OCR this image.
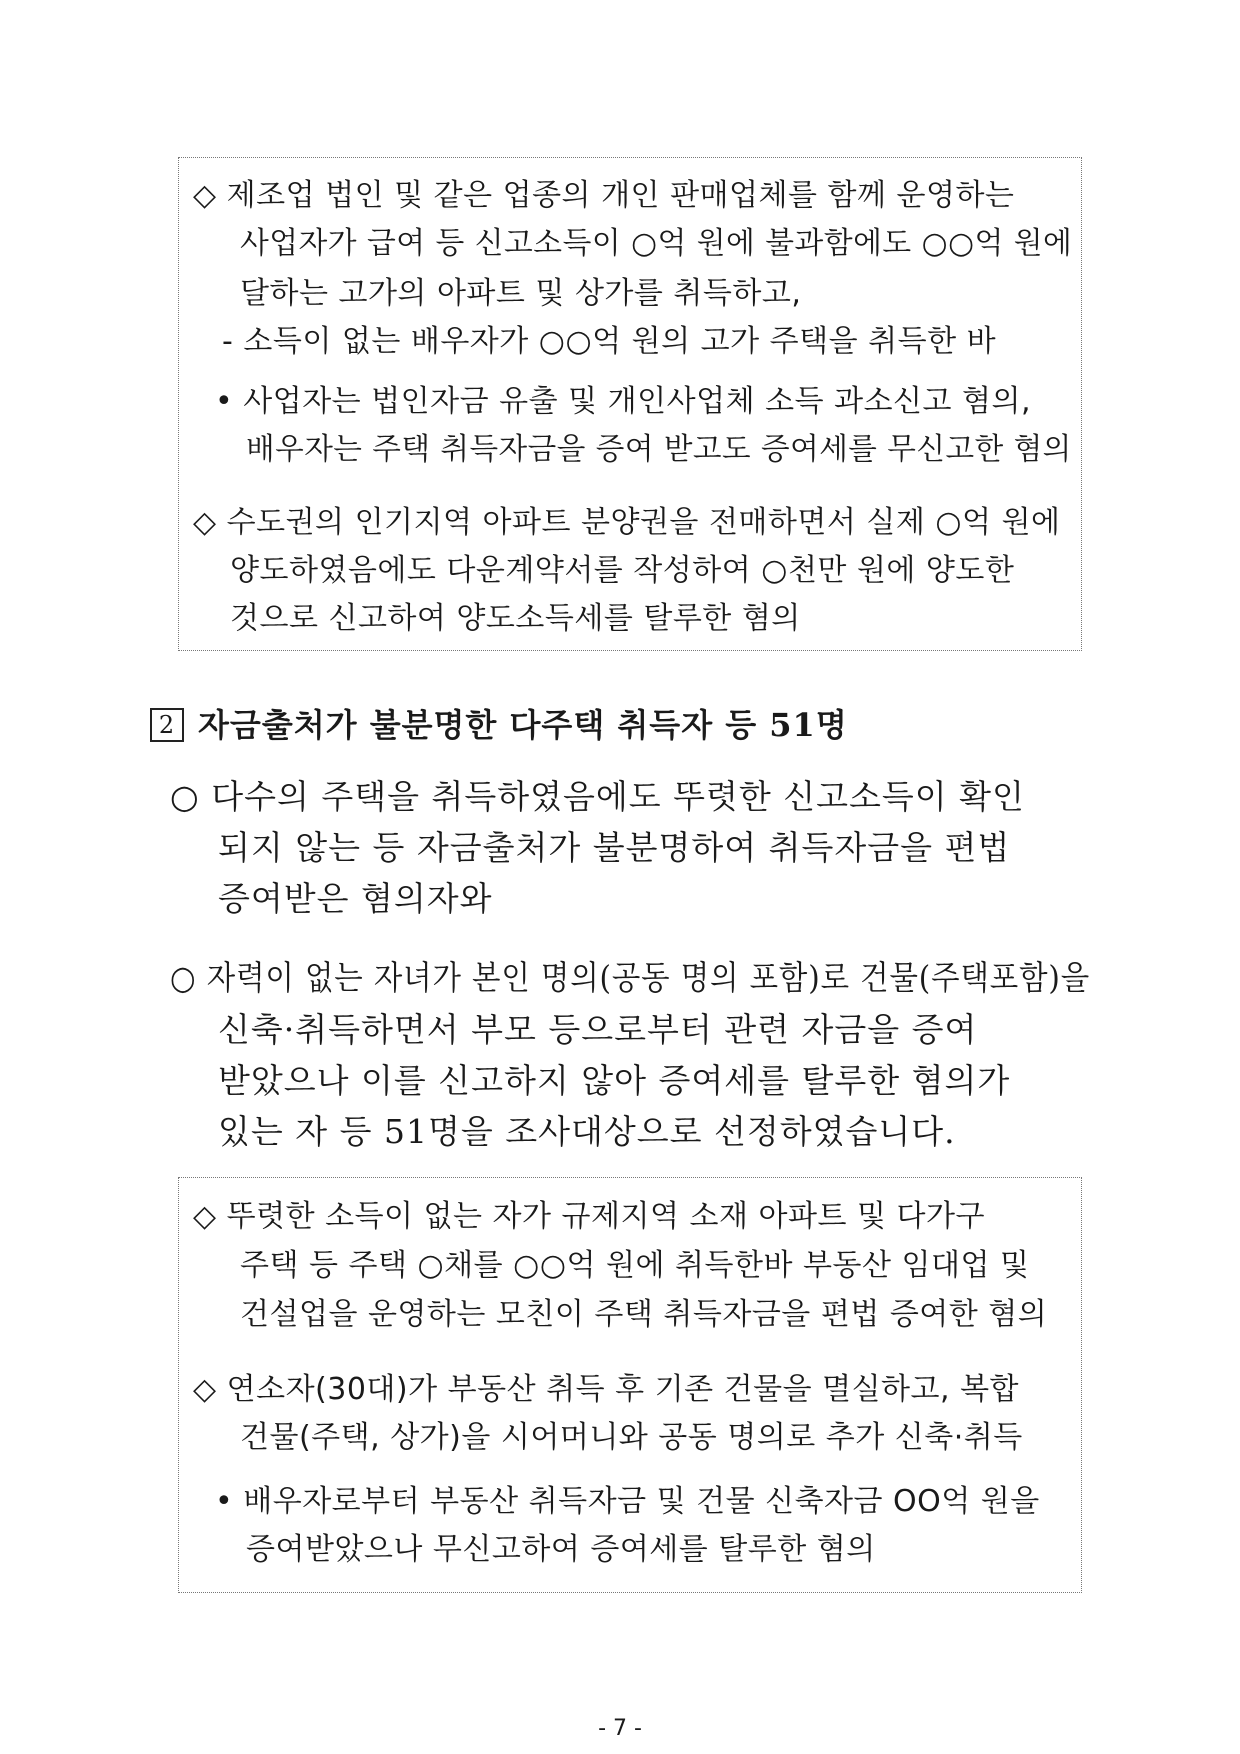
◇ 제조업 법인 및 같은 업종의 개인 판매업체를 함께 운영하는
사업자가 급여 등 신고소득이 ○억 원에 불과함에도 ○○억 원에
달하는 고가의 아파트 및 상가를 취득하고,
- 소득이 없는 배우자가 ○○억 원의 고가 주택을 취득한 바
• 사업자는 법인자금 유출 및 개인사업체 소득 과소신고 혐의,
배우자는 주택 취득자금을 증여 받고도 증여세를 무신고한 혐의
◇ 수도권의 인기지역 아파트 분양권을 전매하면서 실제 ○억 원에
양도하였음에도 다운계약서를 작성하여 ○천만 원에 양도한
것으로 신고하여 양도소득세를 탈루한 혐의
2 자금출처가 불분명한 다주택 취득자 등 51명
○ 다수의 주택을 취득하였음에도 뚜렷한 신고소득이 확인
되지 않는 등 자금출처가 불분명하여 취득자금을 편법
증여받은 혐의자와
○ 자력이 없는 자녀가 본인 명의(공동 명의 포함)로 건물(주택포함)을
신축·취득하면서 부모 등으로부터 관련 자금을 증여
받았으나 이를 신고하지 않아 증여세를 탈루한 혐의가
있는 자 등 51명을 조사대상으로 선정하였습니다.
◇ 뚜렷한 소득이 없는 자가 규제지역 소재 아파트 및 다가구
주택 등 주택 ○채를 ○○억 원에 취득한바 부동산 임대업 및
건설업을 운영하는 모친이 주택 취득자금을 편법 증여한 혐의
◇ 연소자(30대)가 부동산 취득 후 기존 건물을 멸실하고, 복합
건물(주택, 상가)을 시어머니와 공동 명의로 추가 신축·취득
• 배우자로부터 부동산 취득자금 및 건물 신축자금 OO억 원을
증여받았으나 무신고하여 증여세를 탈루한 혐의
- 7 -
